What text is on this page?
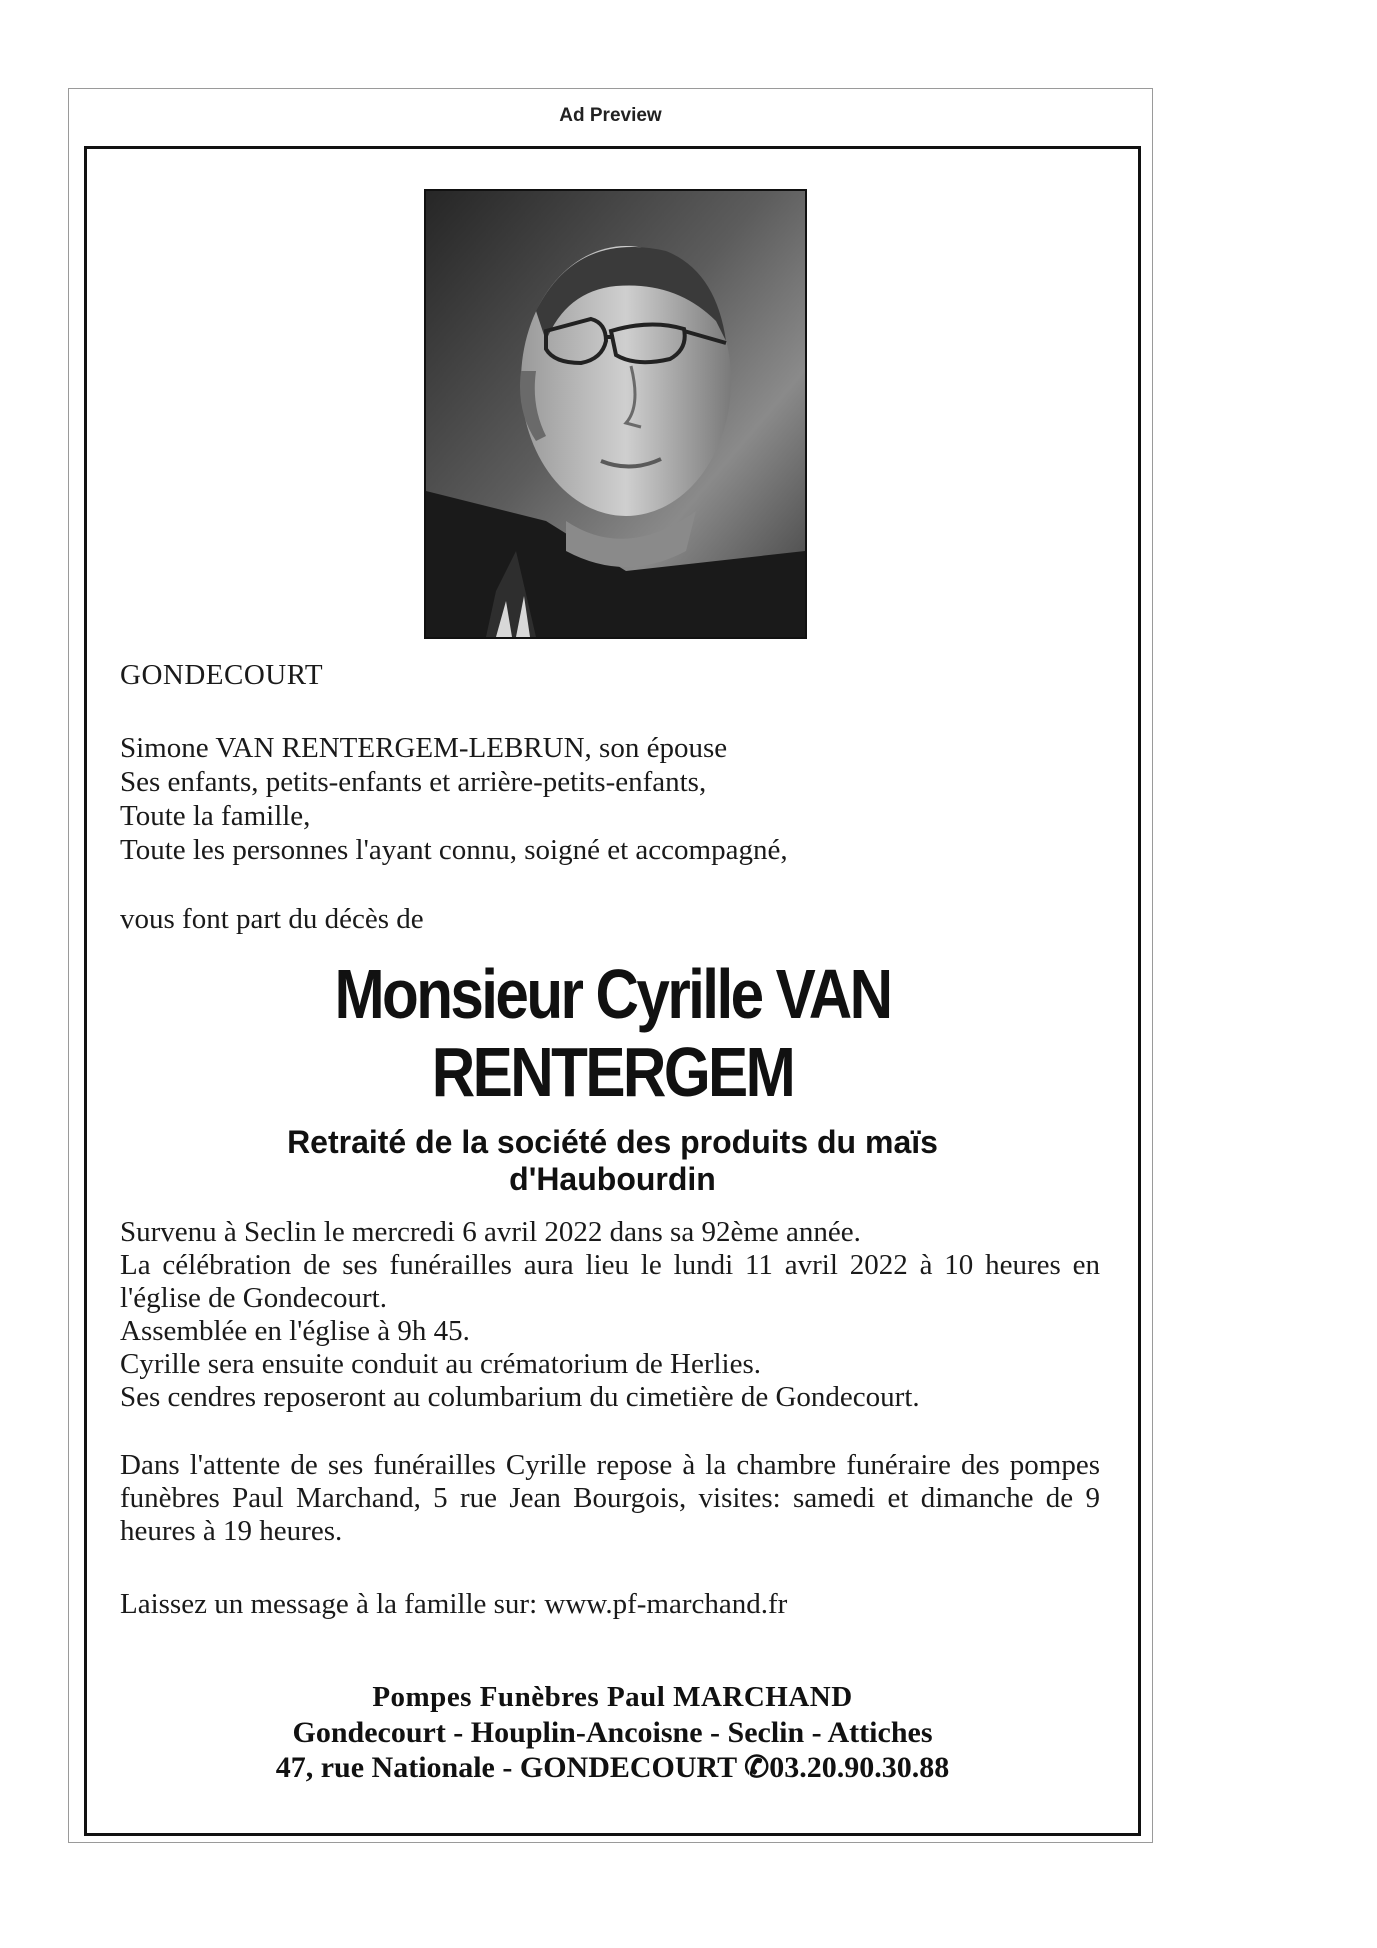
Ad Preview
GONDECOURT
Simone VAN RENTERGEM-LEBRUN, son épouse
Ses enfants, petits-enfants et arrière-petits-enfants,
Toute la famille,
Toute les personnes l'ayant connu, soigné et accompagné,
vous font part du décès de
Monsieur Cyrille VAN
RENTERGEM
Retraité de la société des produits du maïs
d'Haubourdin

Survenu à Seclin le mercredi 6 avril 2022 dans sa 92ème année.

La célébration de ses funérailles aura lieu le lundi 11 avril 2022 à 10 heures en l'église de Gondecourt.

Assemblée en l'église à 9h 45.

Cyrille sera ensuite conduit au crématorium de Herlies.

Ses cendres reposeront au columbarium du cimetière de Gondecourt.

Dans l'attente de ses funérailles Cyrille repose à la chambre funéraire des pompes funèbres Paul Marchand, 5 rue Jean Bourgois, visites: samedi et dimanche de 9 heures à 19 heures.
Laissez un message à la famille sur: www.pf-marchand.fr
Pompes Funèbres Paul MARCHAND
Gondecourt - Houplin-Ancoisne - Seclin - Attiches
47, rue Nationale - GONDECOURT ✆03.20.90.30.88
